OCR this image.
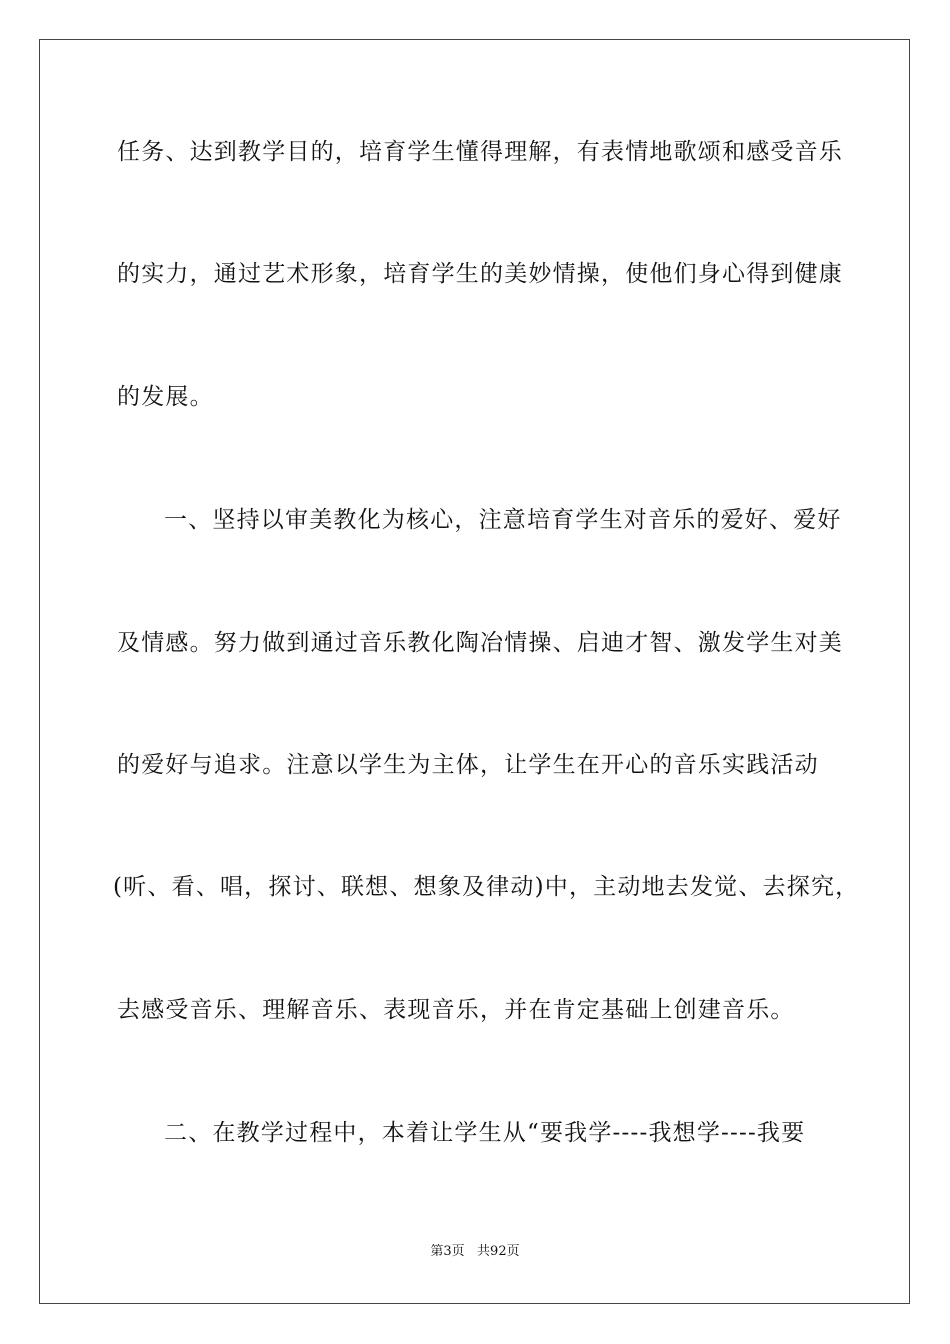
任务、达到教学目的，培育学生懂得理解，有表情地歌颂和感受音乐
的实力，通过艺术形象，培育学生的美妙情操，使他们身心得到健康
的发展。
一、坚持以审美教化为核心，注意培育学生对音乐的爱好、爱好
及情感。努力做到通过音乐教化陶冶情操、启迪才智、激发学生对美
的爱好与追求。注意以学生为主体，让学生在开心的音乐实践活动
(听、看、唱，探讨、联想、想象及律动)中，主动地去发觉、去探究，
去感受音乐、理解音乐、表现音乐，并在肯定基础上创建音乐。
二、在教学过程中，本着让学生从“要我学----我想学----我要
第3页   共92页
